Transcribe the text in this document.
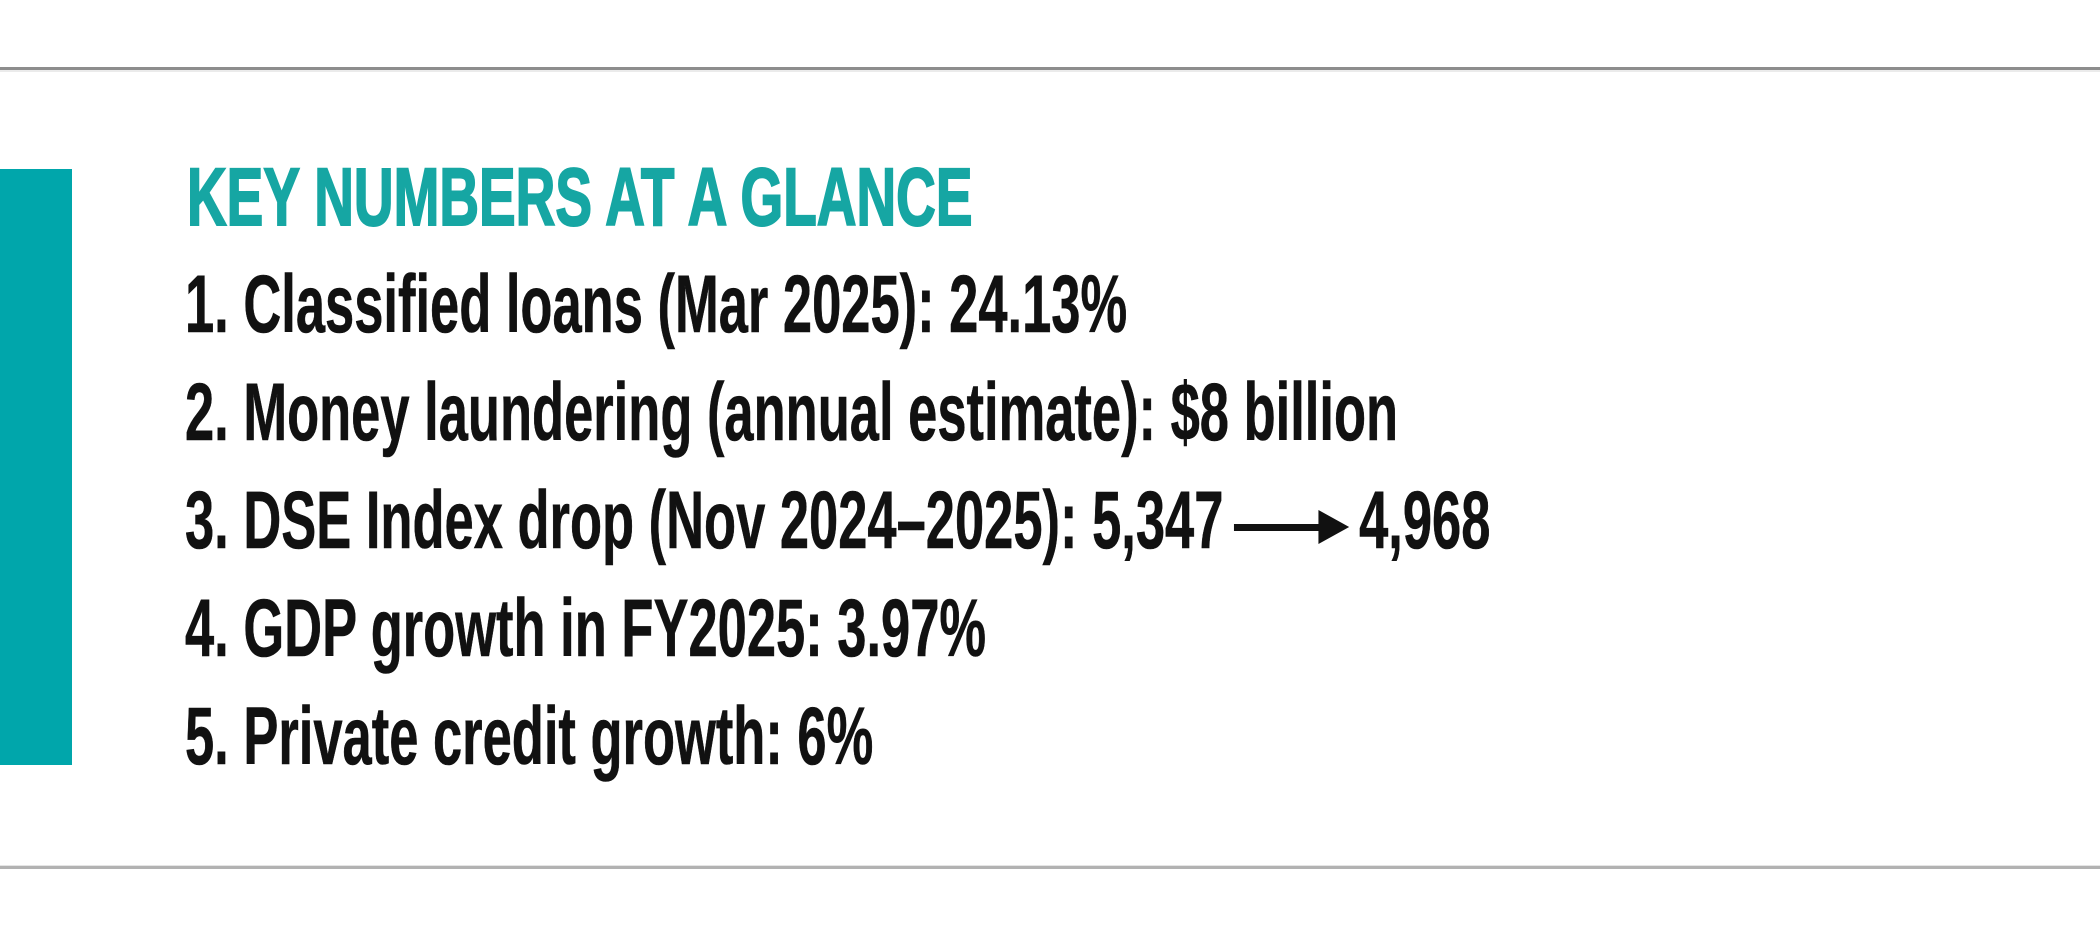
KEY NUMBERS AT A GLANCE
1. Classified loans (Mar 2025): 24.13%
2. Money laundering (annual estimate): $8 billion
3. DSE Index drop (Nov 2024–2025): 5,347 4,968
4. GDP growth in FY2025: 3.97%
5. Private credit growth: 6%
